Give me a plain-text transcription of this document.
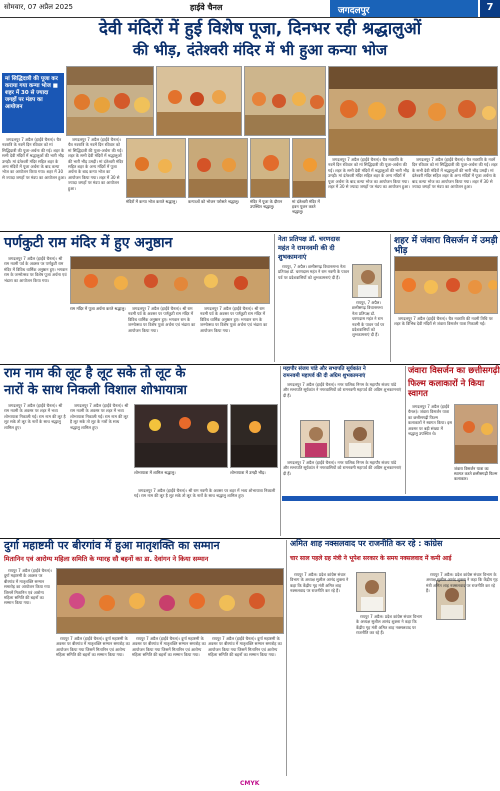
सोमवार, 07 अप्रैल 2025	हाईवे चैनल	जगदलपुर	7
देवी मंदिरों में हुई विशेष पूजा, दिनभर रही श्रद्धालुओं
की भीड़, दंतेश्वरी मंदिर में भी हुआ कन्या भोज
मां सिद्धिदात्री की पूजा कर कराया गया कन्या भोज ■ शहर में 30 से ज्यादा जगहों पर मंडप का आयोजन

जगदलपुर 7 अप्रैल (हाईवे चैनल)। चैत्र नवरात्रि के नवमें दिन रविवार को मां सिद्धिदात्री की पूजा-अर्चना की गई। शहर के सभी देवी मंदिरों में श्रद्धालुओं की भारी भीड़ उमड़ी। मां दंतेश्वरी मंदिर सहित शहर के अन्य मंदिरों में पूजा अर्चना के बाद कन्या भोज का आयोजन किया गया। शहर में 30 से ज्यादा जगहों पर मंडप का आयोजन हुआ।

जगदलपुर 7 अप्रैल (हाईवे चैनल)। चैत्र नवरात्रि के नवमें दिन रविवार को मां सिद्धिदात्री की पूजा-अर्चना की गई। शहर के सभी देवी मंदिरों में श्रद्धालुओं की भारी भीड़ उमड़ी। मां दंतेश्वरी मंदिर सहित शहर के अन्य मंदिरों में पूजा अर्चना के बाद कन्या भोज का आयोजन किया गया। शहर में 30 से ज्यादा जगहों पर मंडप का आयोजन हुआ।

मंदिरों में कन्या भोज कराते श्रद्धालु।	कन्याओं को भोजन परोसते श्रद्धालु।	मंदिर में पूजा के दौरान उपस्थित श्रद्धालु।
मां दंतेश्वरी मंदिर में हवन पूजन करते श्रद्धालु।

जगदलपुर 7 अप्रैल (हाईवे चैनल)। चैत्र नवरात्रि के नवमें दिन रविवार को मां सिद्धिदात्री की पूजा-अर्चना की गई। शहर के सभी देवी मंदिरों में श्रद्धालुओं की भारी भीड़ उमड़ी। मां दंतेश्वरी मंदिर सहित शहर के अन्य मंदिरों में पूजा अर्चना के बाद कन्या भोज का आयोजन किया गया। शहर में 30 से ज्यादा जगहों पर मंडप का आयोजन हुआ।

जगदलपुर 7 अप्रैल (हाईवे चैनल)। चैत्र नवरात्रि के नवमें दिन रविवार को मां सिद्धिदात्री की पूजा-अर्चना की गई। शहर के सभी देवी मंदिरों में श्रद्धालुओं की भारी भीड़ उमड़ी। मां दंतेश्वरी मंदिर सहित शहर के अन्य मंदिरों में पूजा अर्चना के बाद कन्या भोज का आयोजन किया गया। शहर में 30 से ज्यादा जगहों पर मंडप का आयोजन हुआ।

पर्णकुटी राम मंदिर में हुए अनुष्ठान

जगदलपुर 7 अप्रैल (हाईवे चैनल)। श्री राम नवमी पर्व के अवसर पर पर्णकुटी राम मंदिर में विविध धार्मिक अनुष्ठान हुए। भगवान राम के जन्मोत्सव पर विशेष पूजा अर्चना एवं भंडारा का आयोजन किया गया।

राम मंदिर में पूजा अर्चना करते श्रद्धालु।	जगदलपुर 7 अप्रैल (हाईवे चैनल)। श्री राम नवमी पर्व के अवसर पर पर्णकुटी राम मंदिर में विविध धार्मिक अनुष्ठान हुए। भगवान राम के जन्मोत्सव पर विशेष पूजा अर्चना एवं भंडारा का आयोजन किया गया।

जगदलपुर 7 अप्रैल (हाईवे चैनल)। श्री राम नवमी पर्व के अवसर पर पर्णकुटी राम मंदिर में विविध धार्मिक अनुष्ठान हुए। भगवान राम के जन्मोत्सव पर विशेष पूजा अर्चना एवं भंडारा का आयोजन किया गया।

नेता प्रतिपक्ष डॉ. चरणदास
महंत ने रामनवमी की दी
शुभकामनाएं

रायपुर, 7 अप्रैल। छत्तीसगढ़ विधानसभा नेता प्रतिपक्ष डॉ. चरणदास महंत ने राम नवमी के पावन पर्व पर प्रदेशवासियों को शुभकामनाएं दी हैं।

रायपुर, 7 अप्रैल। छत्तीसगढ़ विधानसभा नेता प्रतिपक्ष डॉ. चरणदास महंत ने राम नवमी के पावन पर्व पर प्रदेशवासियों को शुभकामनाएं दी हैं।

शहर में जंवारा विसर्जन में उमड़ी भीड़

जगदलपुर 7 अप्रैल (हाईवे चैनल)। चैत्र नवरात्रि की नवमी तिथि पर शहर के विभिन्न देवी मंदिरों से जंवारा विसर्जन यात्रा निकाली गई।

राम नाम की लूट है लूट सके तो लूट के
नारों के साथ निकली विशाल शोभायात्रा

जगदलपुर 7 अप्रैल (हाईवे चैनल)। श्री राम नवमी के अवसर पर शहर में भव्य शोभायात्रा निकाली गई। राम नाम की लूट है लूट सके तो लूट के नारों के साथ श्रद्धालु शामिल हुए।

जगदलपुर 7 अप्रैल (हाईवे चैनल)। श्री राम नवमी के अवसर पर शहर में भव्य शोभायात्रा निकाली गई। राम नाम की लूट है लूट सके तो लूट के नारों के साथ श्रद्धालु शामिल हुए।

शोभायात्रा में शामिल श्रद्धालु।	शोभायात्रा में उमड़ी भीड़।

जगदलपुर 7 अप्रैल (हाईवे चैनल)। श्री राम नवमी के अवसर पर शहर में भव्य शोभायात्रा निकाली गई। राम नाम की लूट है लूट सके तो लूट के नारों के साथ श्रद्धालु शामिल हुए।

महापौर संजय पांडे और सभापति सूर्यकांत ने
रामनवमी महापर्व की दी अग्रिम शुभकामनाएं

जगदलपुर 7 अप्रैल (हाईवे चैनल)। नगर पालिक निगम के महापौर संजय पांडे और सभापति सूर्यकांत ने नगरवासियों को रामनवमी महापर्व की अग्रिम शुभकामनाएं दी हैं।

जगदलपुर 7 अप्रैल (हाईवे चैनल)। नगर पालिक निगम के महापौर संजय पांडे और सभापति सूर्यकांत ने नगरवासियों को रामनवमी महापर्व की अग्रिम शुभकामनाएं दी हैं।

जंवारा विसर्जन का छत्तीसगढ़ी
फिल्म कलाकारों ने किया स्वागत

जगदलपुर 7 अप्रैल (हाईवे चैनल)। जंवारा विसर्जन यात्रा का छत्तीसगढ़ी फिल्म कलाकारों ने स्वागत किया। इस अवसर पर बड़ी संख्या में श्रद्धालु उपस्थित थे।

जंवारा विसर्जन यात्रा का स्वागत करते छत्तीसगढ़ी फिल्म कलाकार।
दुर्गा महाष्टमी पर बीरगांव में हुआ मातृशक्ति का सम्मान
मितानिन एवं आरोग्य महिला समिति के ग्यारह सौ बहनों का डा. देवांगन ने किया सम्मान

रायपुर 7 अप्रैल (हाईवे चैनल)। दुर्गा महाष्टमी के अवसर पर बीरगांव में मातृशक्ति सम्मान समारोह का आयोजन किया गया जिसमें मितानिन एवं आरोग्य महिला समिति की बहनों का सम्मान किया गया।

रायपुर 7 अप्रैल (हाईवे चैनल)। दुर्गा महाष्टमी के अवसर पर बीरगांव में मातृशक्ति सम्मान समारोह का आयोजन किया गया जिसमें मितानिन एवं आरोग्य महिला समिति की बहनों का सम्मान किया गया।

रायपुर 7 अप्रैल (हाईवे चैनल)। दुर्गा महाष्टमी के अवसर पर बीरगांव में मातृशक्ति सम्मान समारोह का आयोजन किया गया जिसमें मितानिन एवं आरोग्य महिला समिति की बहनों का सम्मान किया गया।

रायपुर 7 अप्रैल (हाईवे चैनल)। दुर्गा महाष्टमी के अवसर पर बीरगांव में मातृशक्ति सम्मान समारोह का आयोजन किया गया जिसमें मितानिन एवं आरोग्य महिला समिति की बहनों का सम्मान किया गया।

अमित शाह नक्सलवाद पर राजनीति कर रहे : कांग्रेस
चार साल पहले ग्रह मंत्री ने भूपेश सरकार के समय नक्सलवाद में कमी आई

रायपुर 7 अप्रैल। प्रदेश कांग्रेस संचार विभाग के अध्यक्ष सुशील आनंद शुक्ला ने कहा कि केंद्रीय गृह मंत्री अमित शाह नक्सलवाद पर राजनीति कर रहे हैं।

रायपुर 7 अप्रैल। प्रदेश कांग्रेस संचार विभाग के अध्यक्ष सुशील आनंद शुक्ला ने कहा कि केंद्रीय गृह मंत्री अमित शाह नक्सलवाद पर राजनीति कर रहे हैं।

रायपुर 7 अप्रैल। प्रदेश कांग्रेस संचार विभाग के अध्यक्ष सुशील आनंद शुक्ला ने कहा कि केंद्रीय गृह मंत्री अमित शाह नक्सलवाद पर राजनीति कर रहे हैं।

CMYK
